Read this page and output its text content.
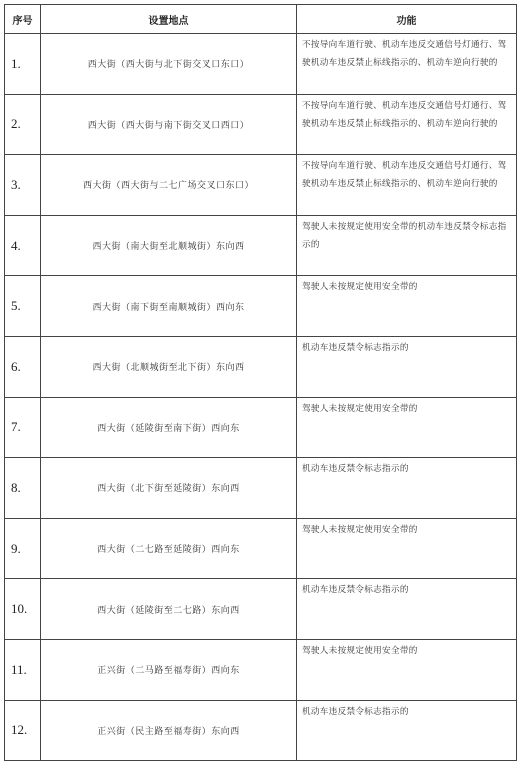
序号	设置地点	功能
1.	西大街（西大街与北下街交叉口东口）	不按导向车道行驶、机动车违反交通信号灯通行、驾驶机动车违反禁止标线指示的、机动车逆向行驶的
2.	西大街（西大街与南下街交叉口西口）	不按导向车道行驶、机动车违反交通信号灯通行、驾驶机动车违反禁止标线指示的、机动车逆向行驶的
3.	西大街（西大街与二七广场交叉口东口）	不按导向车道行驶、机动车违反交通信号灯通行、驾驶机动车违反禁止标线指示的、机动车逆向行驶的
4.	西大街（南大街至北顺城街）东向西	驾驶人未按规定使用安全带的机动车违反禁令标志指示的
5.	西大街（南下街至南顺城街）西向东	驾驶人未按规定使用安全带的
6.	西大街（北顺城街至北下街）东向西	机动车违反禁令标志指示的
7.	西大街（延陵街至南下街）西向东	驾驶人未按规定使用安全带的
8.	西大街（北下街至延陵街）东向西	机动车违反禁令标志指示的
9.	西大街（二七路至延陵街）西向东	驾驶人未按规定使用安全带的
10.	西大街（延陵街至二七路）东向西	机动车违反禁令标志指示的
11.	正兴街（二马路至福寿街）西向东	驾驶人未按规定使用安全带的
12.	正兴街（民主路至福寿街）东向西	机动车违反禁令标志指示的
